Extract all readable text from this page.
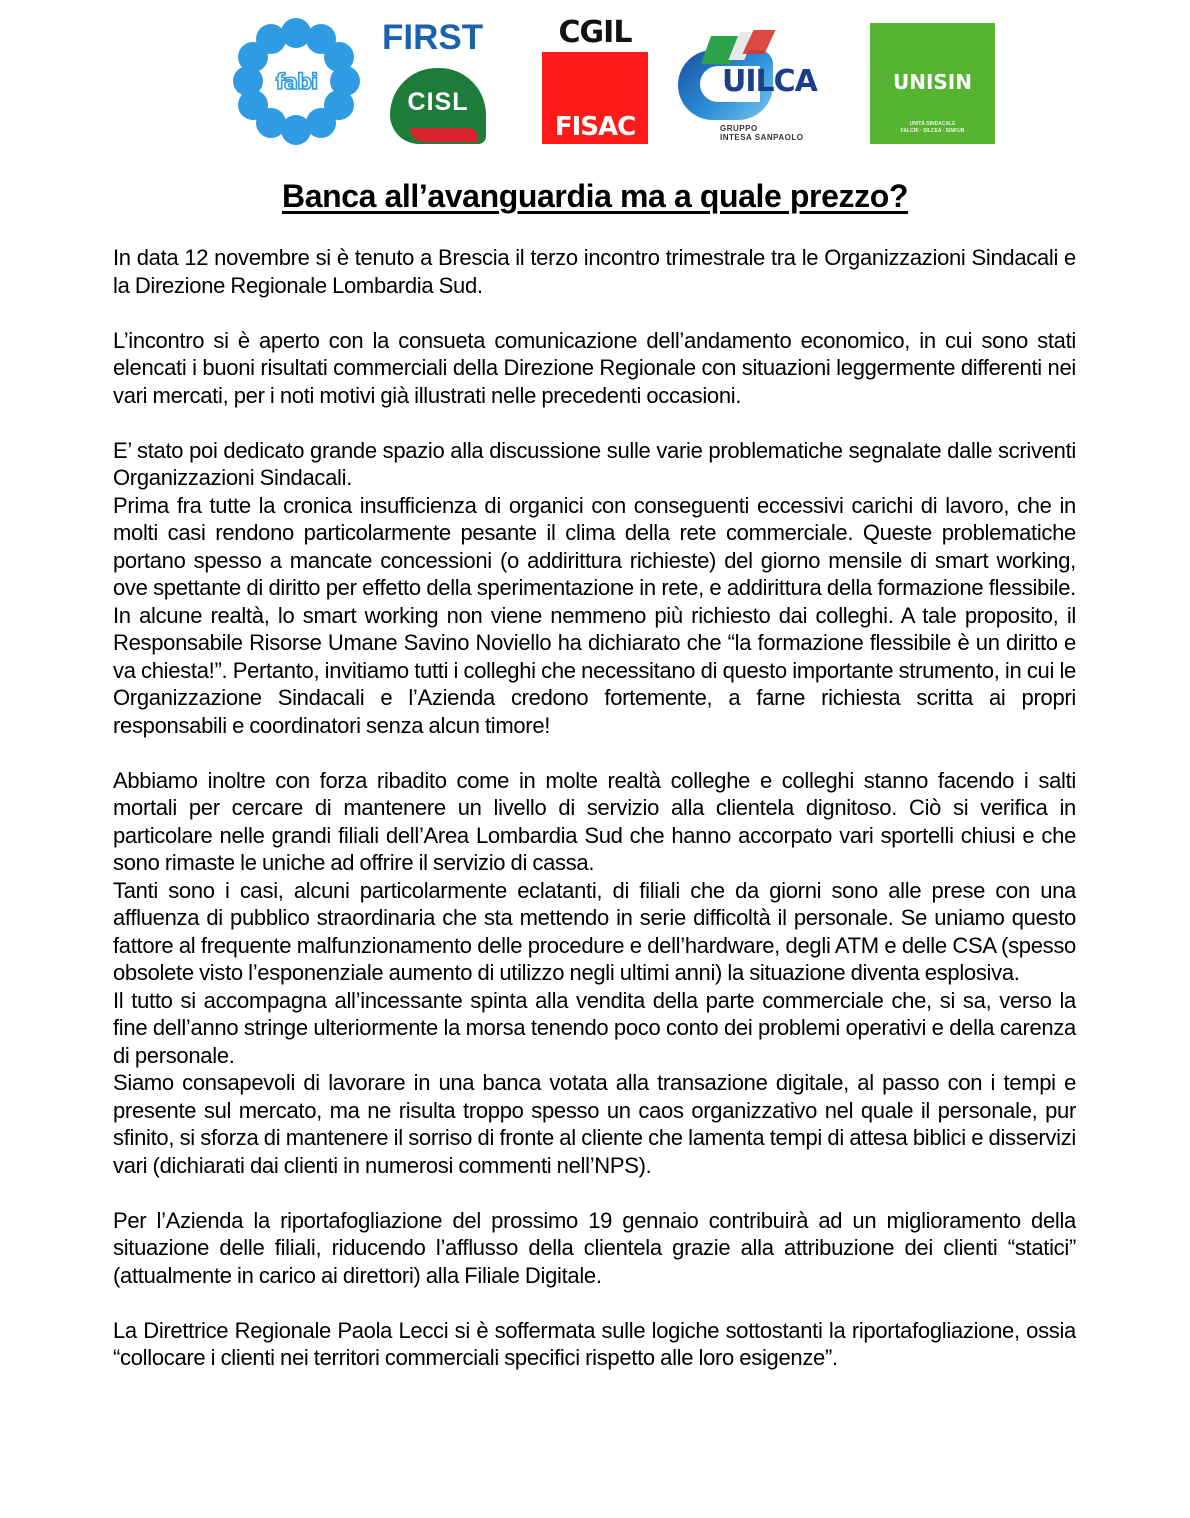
fabi
FIRST
CISL
CGIL
FISAC
UILCA
GRUPPO
INTESA SANPAOLO
UNISIN
UNITÀ SINDACALE
FALCRI · SILCEA · SINFUB
Banca all’avanguardia ma a quale prezzo?

In data 12 novembre si è tenuto a Brescia il terzo incontro trimestrale tra le Organizzazioni Sindacali e la Direzione Regionale Lombardia Sud.

L’incontro si è aperto con la consueta comunicazione dell’andamento economico, in cui sono stati elencati i buoni risultati commerciali della Direzione Regionale con situazioni leggermente differenti nei vari mercati, per i noti motivi già illustrati nelle precedenti occasioni.

E’ stato poi dedicato grande spazio alla discussione sulle varie problematiche segnalate dalle scriventi Organizzazioni Sindacali.

Prima fra tutte la cronica insufficienza di organici con conseguenti eccessivi carichi di lavoro, che in molti casi rendono particolarmente pesante il clima della rete commerciale. Queste problematiche portano spesso a mancate concessioni (o addirittura richieste) del giorno mensile di smart working, ove spettante di diritto per effetto della sperimentazione in rete, e addirittura della formazione flessibile. In alcune realtà, lo smart working non viene nemmeno più richiesto dai colleghi. A tale proposito, il Responsabile Risorse Umane Savino Noviello ha dichiarato che “la formazione flessibile è un diritto e va chiesta!”. Pertanto, invitiamo tutti i colleghi che necessitano di questo importante strumento, in cui le Organizzazione Sindacali e l’Azienda credono fortemente, a farne richiesta scritta ai propri responsabili e coordinatori senza alcun timore!

Abbiamo inoltre con forza ribadito come in molte realtà colleghe e colleghi stanno facendo i salti mortali per cercare di mantenere un livello di servizio alla clientela dignitoso. Ciò si verifica in particolare nelle grandi filiali dell’Area Lombardia Sud che hanno accorpato vari sportelli chiusi e che sono rimaste le uniche ad offrire il servizio di cassa.

Tanti sono i casi, alcuni particolarmente eclatanti, di filiali che da giorni sono alle prese con una affluenza di pubblico straordinaria che sta mettendo in serie difficoltà il personale. Se uniamo questo fattore al frequente malfunzionamento delle procedure e dell’hardware, degli ATM e delle CSA (spesso obsolete visto l’esponenziale aumento di utilizzo negli ultimi anni) la situazione diventa esplosiva.

Il tutto si accompagna all’incessante spinta alla vendita della parte commerciale che, si sa, verso la fine dell’anno stringe ulteriormente la morsa tenendo poco conto dei problemi operativi e della carenza di personale.

Siamo consapevoli di lavorare in una banca votata alla transazione digitale, al passo con i tempi e presente sul mercato, ma ne risulta troppo spesso un caos organizzativo nel quale il personale, pur sfinito, si sforza di mantenere il sorriso di fronte al cliente che lamenta tempi di attesa biblici e disservizi vari (dichiarati dai clienti in numerosi commenti nell’NPS).

Per l’Azienda la riportafogliazione del prossimo 19 gennaio contribuirà ad un miglioramento della situazione delle filiali, riducendo l’afflusso della clientela grazie alla attribuzione dei clienti “statici” (attualmente in carico ai direttori) alla Filiale Digitale.

La Direttrice Regionale Paola Lecci si è soffermata sulle logiche sottostanti la riportafogliazione, ossia “collocare i clienti nei territori commerciali specifici rispetto alle loro esigenze”.
